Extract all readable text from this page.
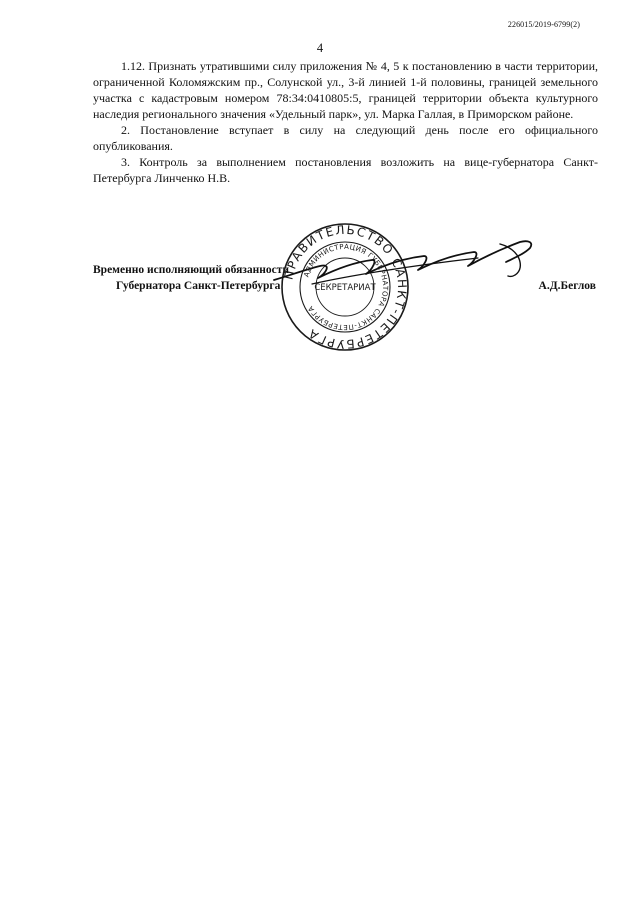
226015/2019-6799(2)
4

1.12. Признать утратившими силу приложения № 4, 5 к постановлению в части территории, ограниченной Коломяжским пр., Солунской ул., 3-й линией 1-й половины, границей земельного участка с кадастровым номером 78:34:0410805:5, границей территории объекта культурного наследия регионального значения «Удельный парк», ул. Марка Галлая, в Приморском районе.

2. Постановление вступает в силу на следующий день после его официального опубликования.

3. Контроль за выполнением постановления возложить на вице-губернатора Санкт-Петербурга Линченко Н.В.

Временно исполняющий обязанности
Губернатора Санкт-Петербурга	А.Д.Беглов
ПРАВИТЕЛЬСТВО САНКТ-ПЕТЕРБУРГА
АДМИНИСТРАЦИЯ ГУБЕРНАТОРА САНКТ-ПЕТЕРБУРГА
СЕКРЕТАРИАТ
